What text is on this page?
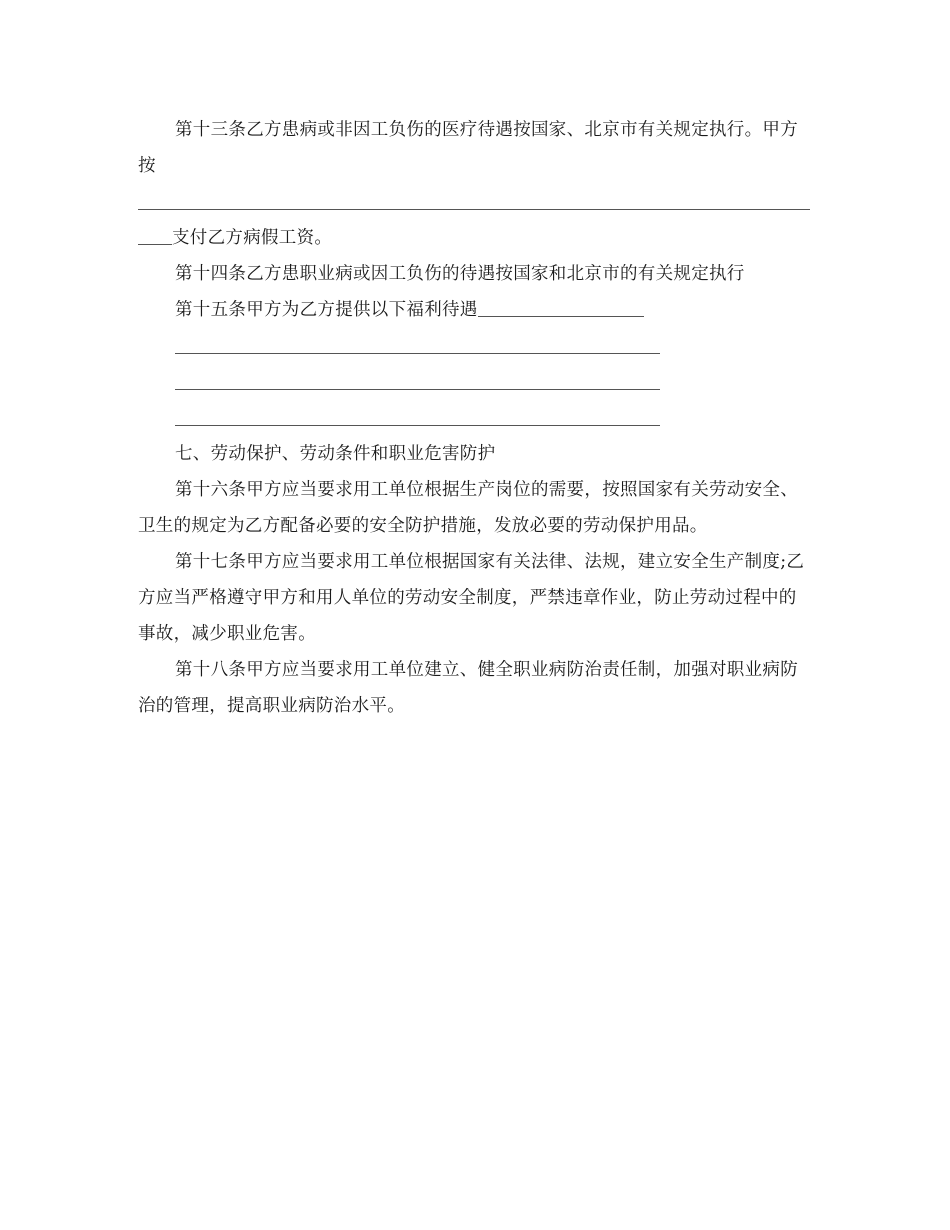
第十三条乙方患病或非因工负伤的医疗待遇按国家、北京市有关规定执行。甲方按

支付乙方病假工资。

第十四条乙方患职业病或因工负伤的待遇按国家和北京市的有关规定执行

第十五条甲方为乙方提供以下福利待遇

七、劳动保护、劳动条件和职业危害防护

第十六条甲方应当要求用工单位根据生产岗位的需要，按照国家有关劳动安全、卫生的规定为乙方配备必要的安全防护措施，发放必要的劳动保护用品。

第十七条甲方应当要求用工单位根据国家有关法律、法规，建立安全生产制度;乙方应当严格遵守甲方和用人单位的劳动安全制度，严禁违章作业，防止劳动过程中的事故，减少职业危害。

第十八条甲方应当要求用工单位建立、健全职业病防治责任制，加强对职业病防治的管理，提高职业病防治水平。
